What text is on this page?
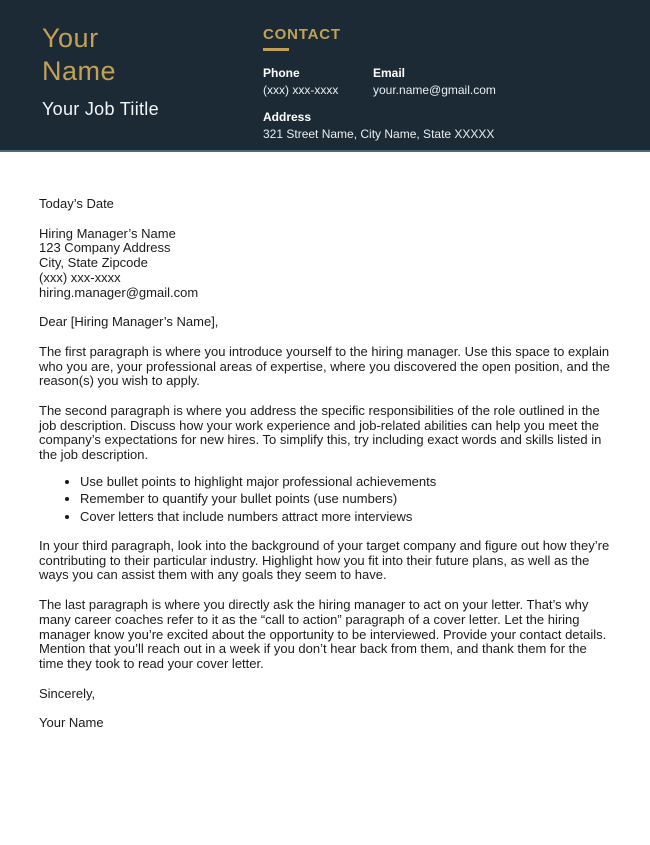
Your
Name
Your Job Tiitle
CONTACT
Phone
(xxx) xxx-xxxx
Email
your.name@gmail.com
Address
321 Street Name, City Name, State XXXXX

Today’s Date

Hiring Manager’s Name
123 Company Address
City, State Zipcode
(xxx) xxx-xxxx
hiring.manager@gmail.com

Dear [Hiring Manager’s Name],

The first paragraph is where you introduce yourself to the hiring manager. Use this space to explain who you are, your professional areas of expertise, where you discovered the open position, and the reason(s) you wish to apply.

The second paragraph is where you address the specific responsibilities of the role outlined in the job description. Discuss how your work experience and job-related abilities can help you meet the company’s expectations for new hires. To simplify this, try including exact words and skills listed in the job description.

• Use bullet points to highlight major professional achievements
• Remember to quantify your bullet points (use numbers)
• Cover letters that include numbers attract more interviews

In your third paragraph, look into the background of your target company and figure out how they’re contributing to their particular industry. Highlight how you fit into their future plans, as well as the ways you can assist them with any goals they seem to have.

The last paragraph is where you directly ask the hiring manager to act on your letter. That’s why many career coaches refer to it as the “call to action” paragraph of a cover letter. Let the hiring manager know you’re excited about the opportunity to be interviewed. Provide your contact details. Mention that you’ll reach out in a week if you don’t hear back from them, and thank them for the time they took to read your cover letter.

Sincerely,

Your Name
